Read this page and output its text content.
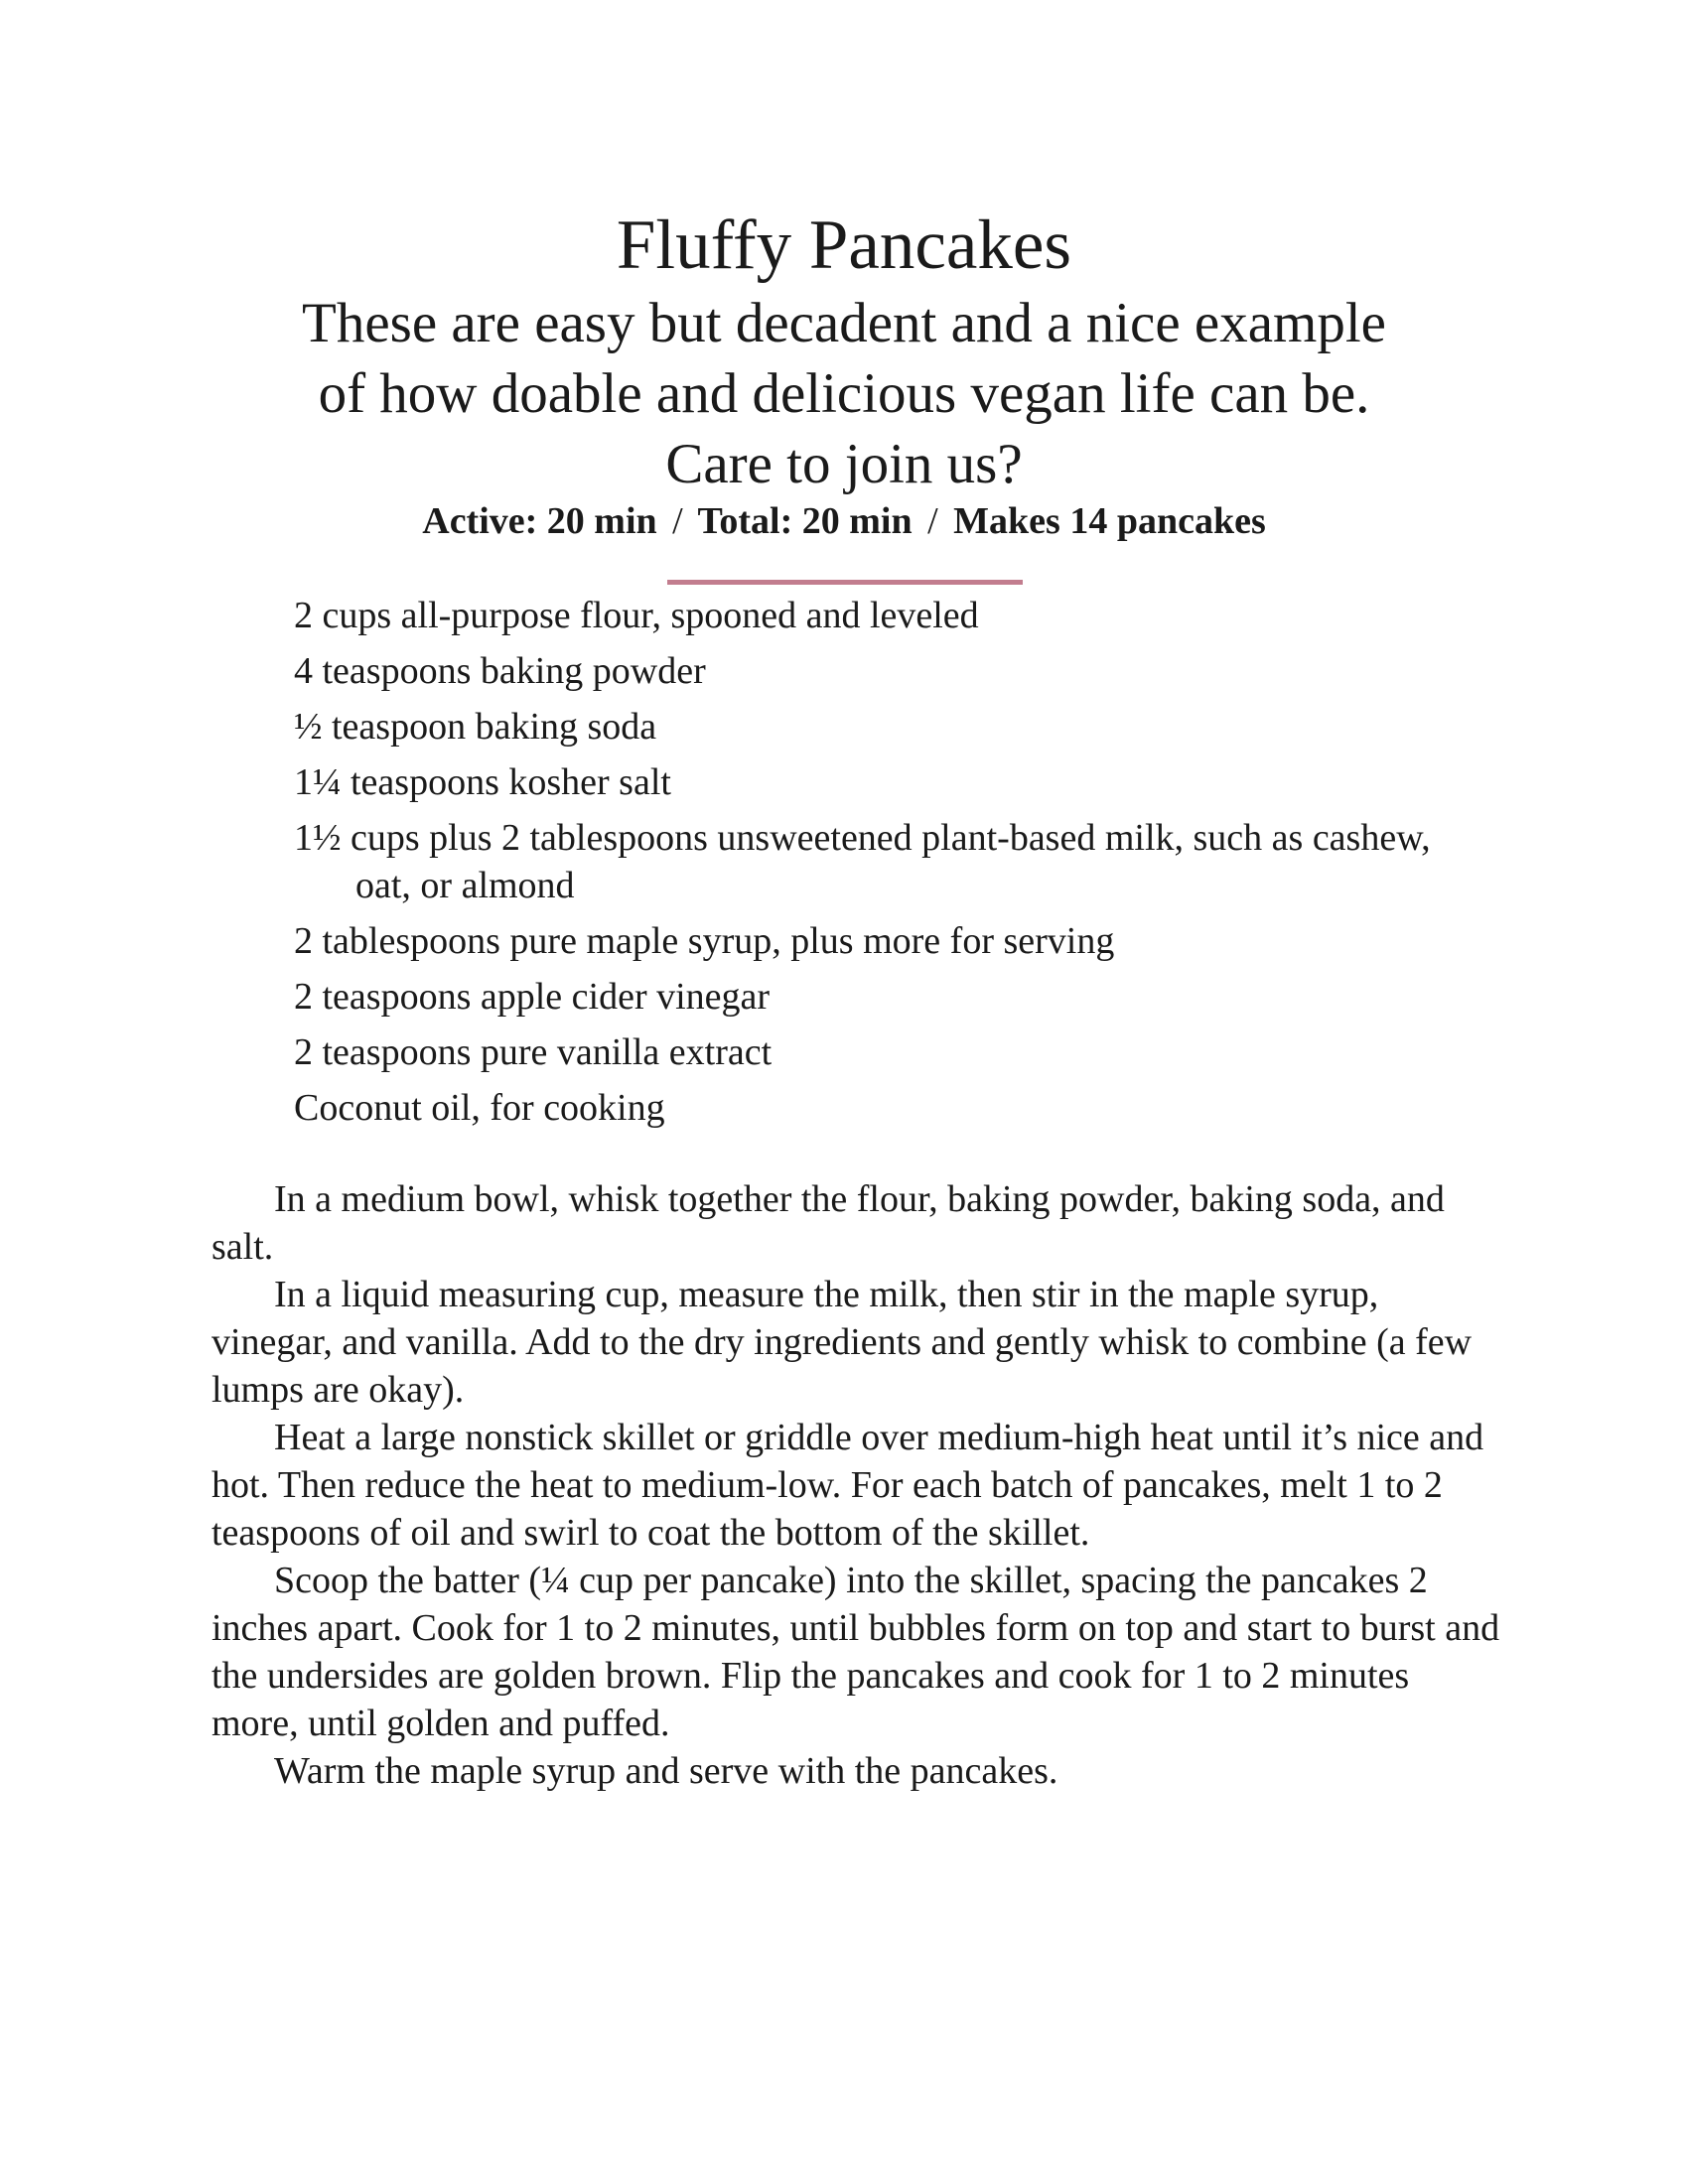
Fluffy Pancakes
These are easy but decadent and a nice example
of how doable and delicious vegan life can be.
Care to join us?
Active: 20 min / Total: 20 min / Makes 14 pancakes
2 cups all-purpose flour, spooned and leveled
4 teaspoons baking powder
½ teaspoon baking soda
1¼ teaspoons kosher salt
1½ cups plus 2 tablespoons unsweetened plant-based milk, such as cashew, oat, or almond
2 tablespoons pure maple syrup, plus more for serving
2 teaspoons apple cider vinegar
2 teaspoons pure vanilla extract
Coconut oil, for cooking

In a medium bowl, whisk together the flour, baking powder, baking soda, and salt.

In a liquid measuring cup, measure the milk, then stir in the maple syrup, vinegar, and vanilla. Add to the dry ingredients and gently whisk to combine (a few lumps are okay).

Heat a large nonstick skillet or griddle over medium-high heat until it’s nice and hot. Then reduce the heat to medium-low. For each batch of pancakes, melt 1 to 2 teaspoons of oil and swirl to coat the bottom of the skillet.

Scoop the batter (¼ cup per pancake) into the skillet, spacing the pancakes 2 inches apart. Cook for 1 to 2 minutes, until bubbles form on top and start to burst and the undersides are golden brown. Flip the pancakes and cook for 1 to 2 minutes more, until golden and puffed.

Warm the maple syrup and serve with the pancakes.
